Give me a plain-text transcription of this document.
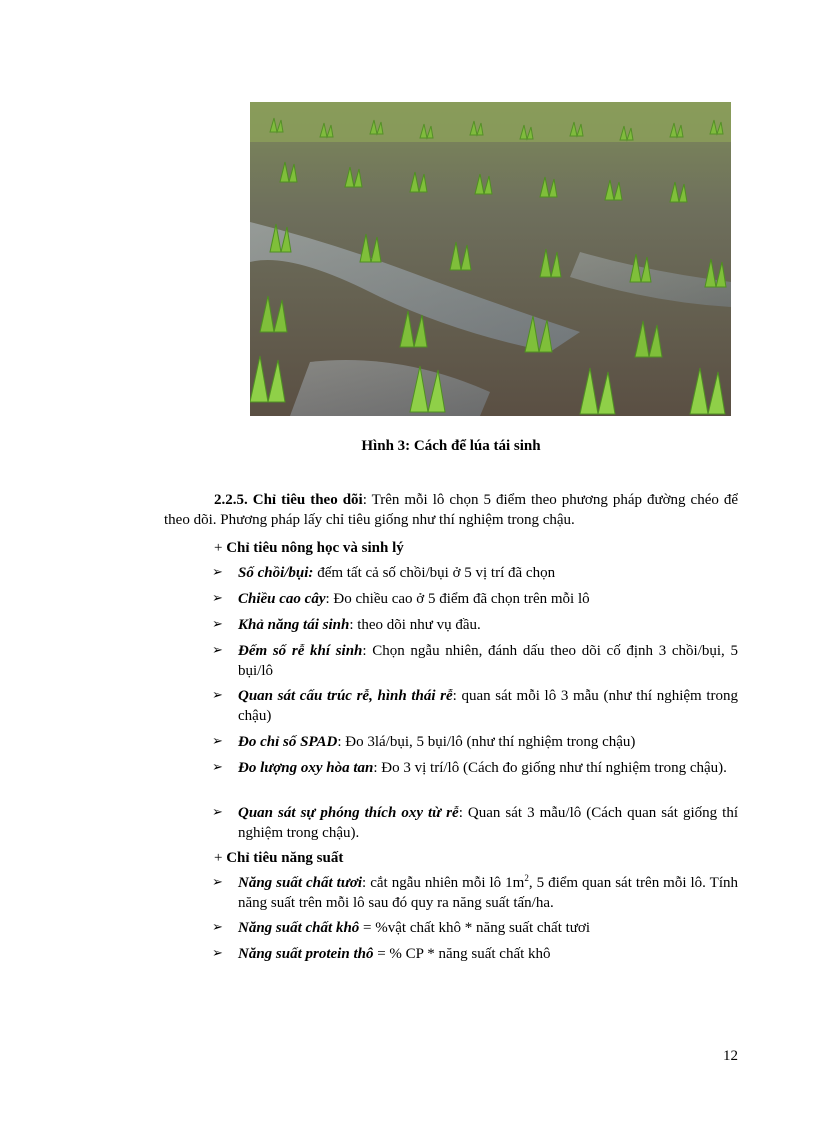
Hình 3: Cách để lúa tái sinh
2.2.5. Chỉ tiêu theo dõi: Trên mỗi lô chọn 5 điểm theo phương pháp đường chéo để theo dõi. Phương pháp lấy chỉ tiêu giống như thí nghiệm trong chậu.
+ Chỉ tiêu nông học và sinh lý
➢	Số chồi/bụi: đếm tất cả số chồi/bụi ở 5 vị trí đã chọn
➢	Chiều cao cây: Đo chiều cao ở 5 điểm đã chọn trên mỗi lô
➢	Khả năng tái sinh: theo dõi như vụ đầu.
➢	Đếm số rễ khí sinh: Chọn ngẫu nhiên, đánh dấu theo dõi cố định 3 chồi/bụi, 5 bụi/lô
➢	Quan sát cấu trúc rễ, hình thái rễ: quan sát mỗi lô 3 mẫu (như thí nghiệm trong chậu)
➢	Đo chỉ số SPAD: Đo 3lá/bụi, 5 bụi/lô (như thí nghiệm trong chậu)
➢	Đo lượng oxy hòa tan: Đo 3 vị trí/lô (Cách đo giống như thí nghiệm trong chậu).
➢	Quan sát sự phóng thích oxy từ rễ: Quan sát 3 mẫu/lô (Cách quan sát giống thí nghiệm trong chậu).
+ Chỉ tiêu năng suất
➢	Năng suất chất tươi: cắt ngẫu nhiên mỗi lô $1m^2$, 5 điểm quan sát trên mỗi lô. Tính năng suất trên mỗi lô sau đó quy ra năng suất tấn/ha.
➢	Năng suất chất khô = %vật chất khô * năng suất chất tươi
➢	Năng suất protein thô = % CP * năng suất chất khô
12
